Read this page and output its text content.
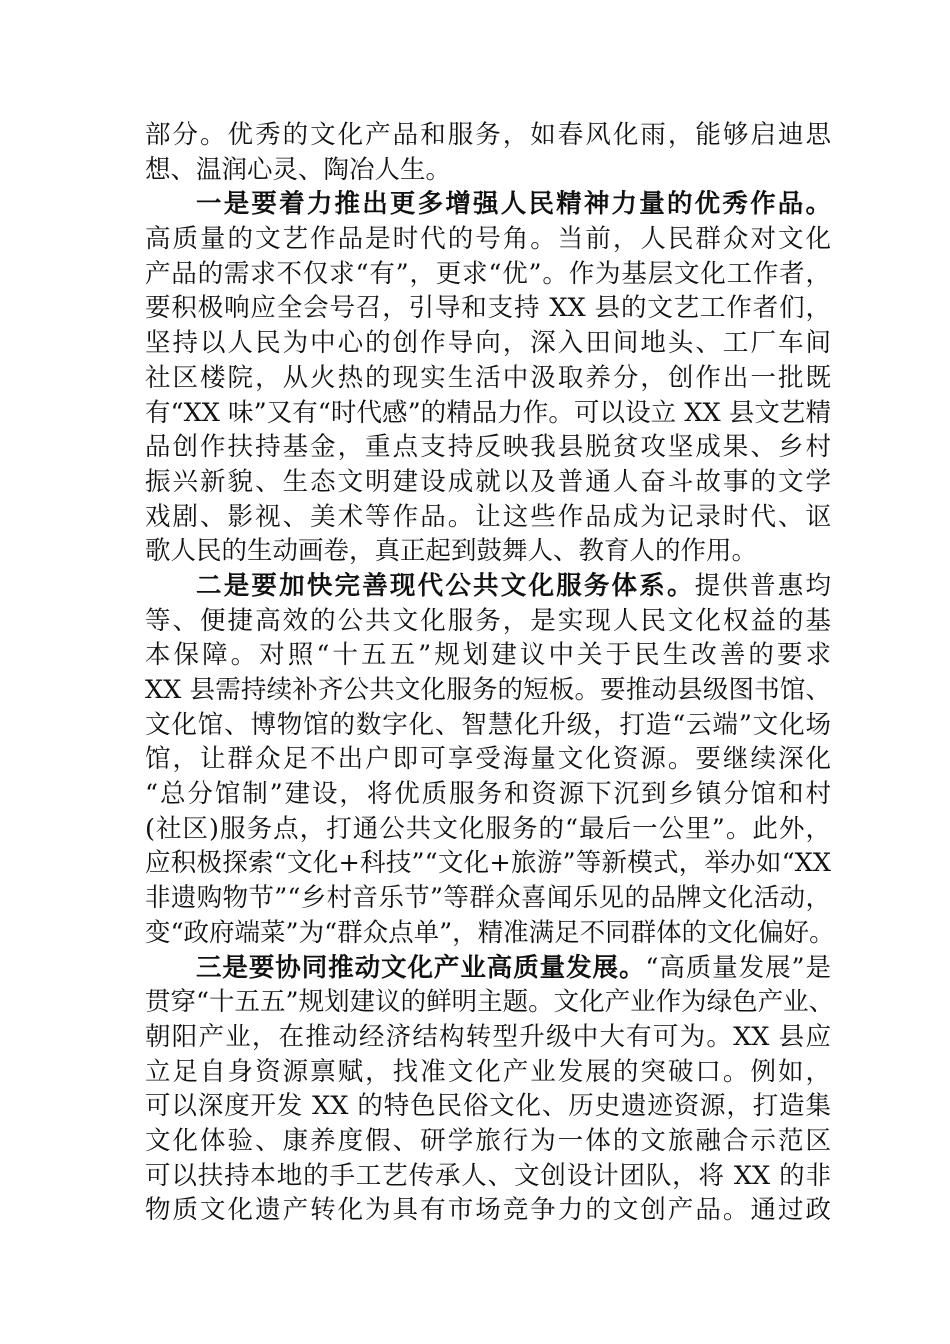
部分。优秀的文化产品和服务，如春风化雨，能够启迪思
想、温润心灵、陶冶人生。
一是要着力推出更多增强人民精神力量的优秀作品。
高质量的文艺作品是时代的号角。当前，人民群众对文化
产品的需求不仅求“有”，更求“优”。作为基层文化工作者，
要积极响应全会号召，引导和支持 XX 县的文艺工作者们，
坚持以人民为中心的创作导向，深入田间地头、工厂车间
社区楼院，从火热的现实生活中汲取养分，创作出一批既
有“XX 味”又有“时代感”的精品力作。可以设立 XX 县文艺精
品创作扶持基金，重点支持反映我县脱贫攻坚成果、乡村
振兴新貌、生态文明建设成就以及普通人奋斗故事的文学
戏剧、影视、美术等作品。让这些作品成为记录时代、讴
歌人民的生动画卷，真正起到鼓舞人、教育人的作用。
二是要加快完善现代公共文化服务体系。提供普惠均
等、便捷高效的公共文化服务，是实现人民文化权益的基
本保障。对照“十五五”规划建议中关于民生改善的要求
XX 县需持续补齐公共文化服务的短板。要推动县级图书馆、
文化馆、博物馆的数字化、智慧化升级，打造“云端”文化场
馆，让群众足不出户即可享受海量文化资源。要继续深化
“总分馆制”建设，将优质服务和资源下沉到乡镇分馆和村
(社区)服务点，打通公共文化服务的“最后一公里”。此外，
应积极探索“文化+科技”“文化+旅游”等新模式，举办如“XX
非遗购物节”“乡村音乐节”等群众喜闻乐见的品牌文化活动，
变“政府端菜”为“群众点单”，精准满足不同群体的文化偏好。
三是要协同推动文化产业高质量发展。“高质量发展”是
贯穿“十五五”规划建议的鲜明主题。文化产业作为绿色产业、
朝阳产业，在推动经济结构转型升级中大有可为。XX 县应
立足自身资源禀赋，找准文化产业发展的突破口。例如，
可以深度开发 XX 的特色民俗文化、历史遗迹资源，打造集
文化体验、康养度假、研学旅行为一体的文旅融合示范区
可以扶持本地的手工艺传承人、文创设计团队，将 XX 的非
物质文化遗产转化为具有市场竞争力的文创产品。通过政
